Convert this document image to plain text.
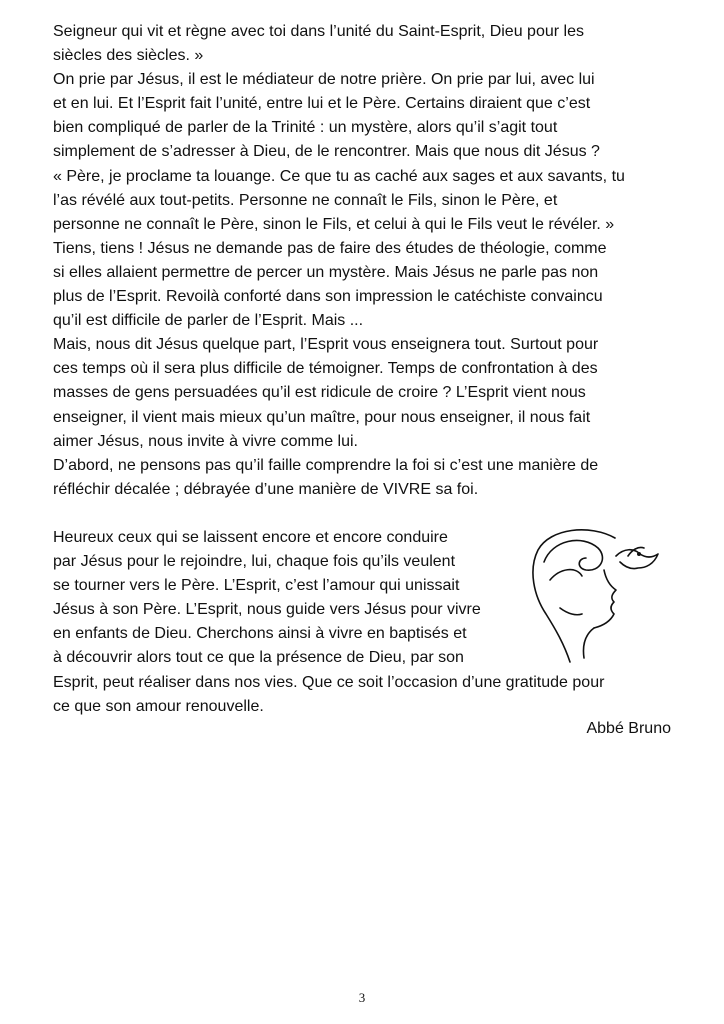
Seigneur qui vit et règne avec toi dans l’unité du Saint-Esprit, Dieu pour les
siècles des siècles. »
On prie par Jésus, il est le médiateur de notre prière. On prie par lui, avec lui
et en lui. Et l’Esprit fait l’unité, entre lui et le Père. Certains diraient que c’est
bien compliqué de parler de la Trinité : un mystère, alors qu’il s’agit tout
simplement de s’adresser à Dieu, de le rencontrer. Mais que nous dit Jésus ?
« Père, je proclame ta louange. Ce que tu as caché aux sages et aux savants, tu
l’as révélé aux tout-petits. Personne ne connaît le Fils, sinon le Père, et
personne ne connaît le Père, sinon le Fils, et celui à qui le Fils veut le révéler. »
Tiens, tiens ! Jésus ne demande pas de faire des études de théologie, comme
si elles allaient permettre de percer un mystère. Mais Jésus ne parle pas non
plus de l’Esprit. Revoilà conforté dans son impression le catéchiste convaincu
qu’il est difficile de parler de l’Esprit. Mais ...
Mais, nous dit Jésus quelque part, l’Esprit vous enseignera tout. Surtout pour
ces temps où il sera plus difficile de témoigner. Temps de confrontation à des
masses de gens persuadées qu’il est ridicule de croire ? L’Esprit vient nous
enseigner, il vient mais mieux qu’un maître, pour nous enseigner, il nous fait
aimer Jésus, nous invite à vivre comme lui.
D’abord, ne pensons pas qu’il faille comprendre la foi si c’est une manière de
réfléchir décalée ; débrayée d’une manière de VIVRE sa foi.

Heureux ceux qui se laissent encore et encore conduire
par Jésus pour le rejoindre, lui, chaque fois qu’ils veulent
se tourner vers le Père. L’Esprit, c’est l’amour qui unissait
Jésus à son Père. L’Esprit, nous guide vers Jésus pour vivre
en enfants de Dieu. Cherchons ainsi à vivre en baptisés et
à découvrir alors tout ce que la présence de Dieu, par son
Esprit, peut réaliser dans nos vies. Que ce soit l’occasion d’une gratitude pour
ce que son amour renouvelle.

Abbé Bruno

3
